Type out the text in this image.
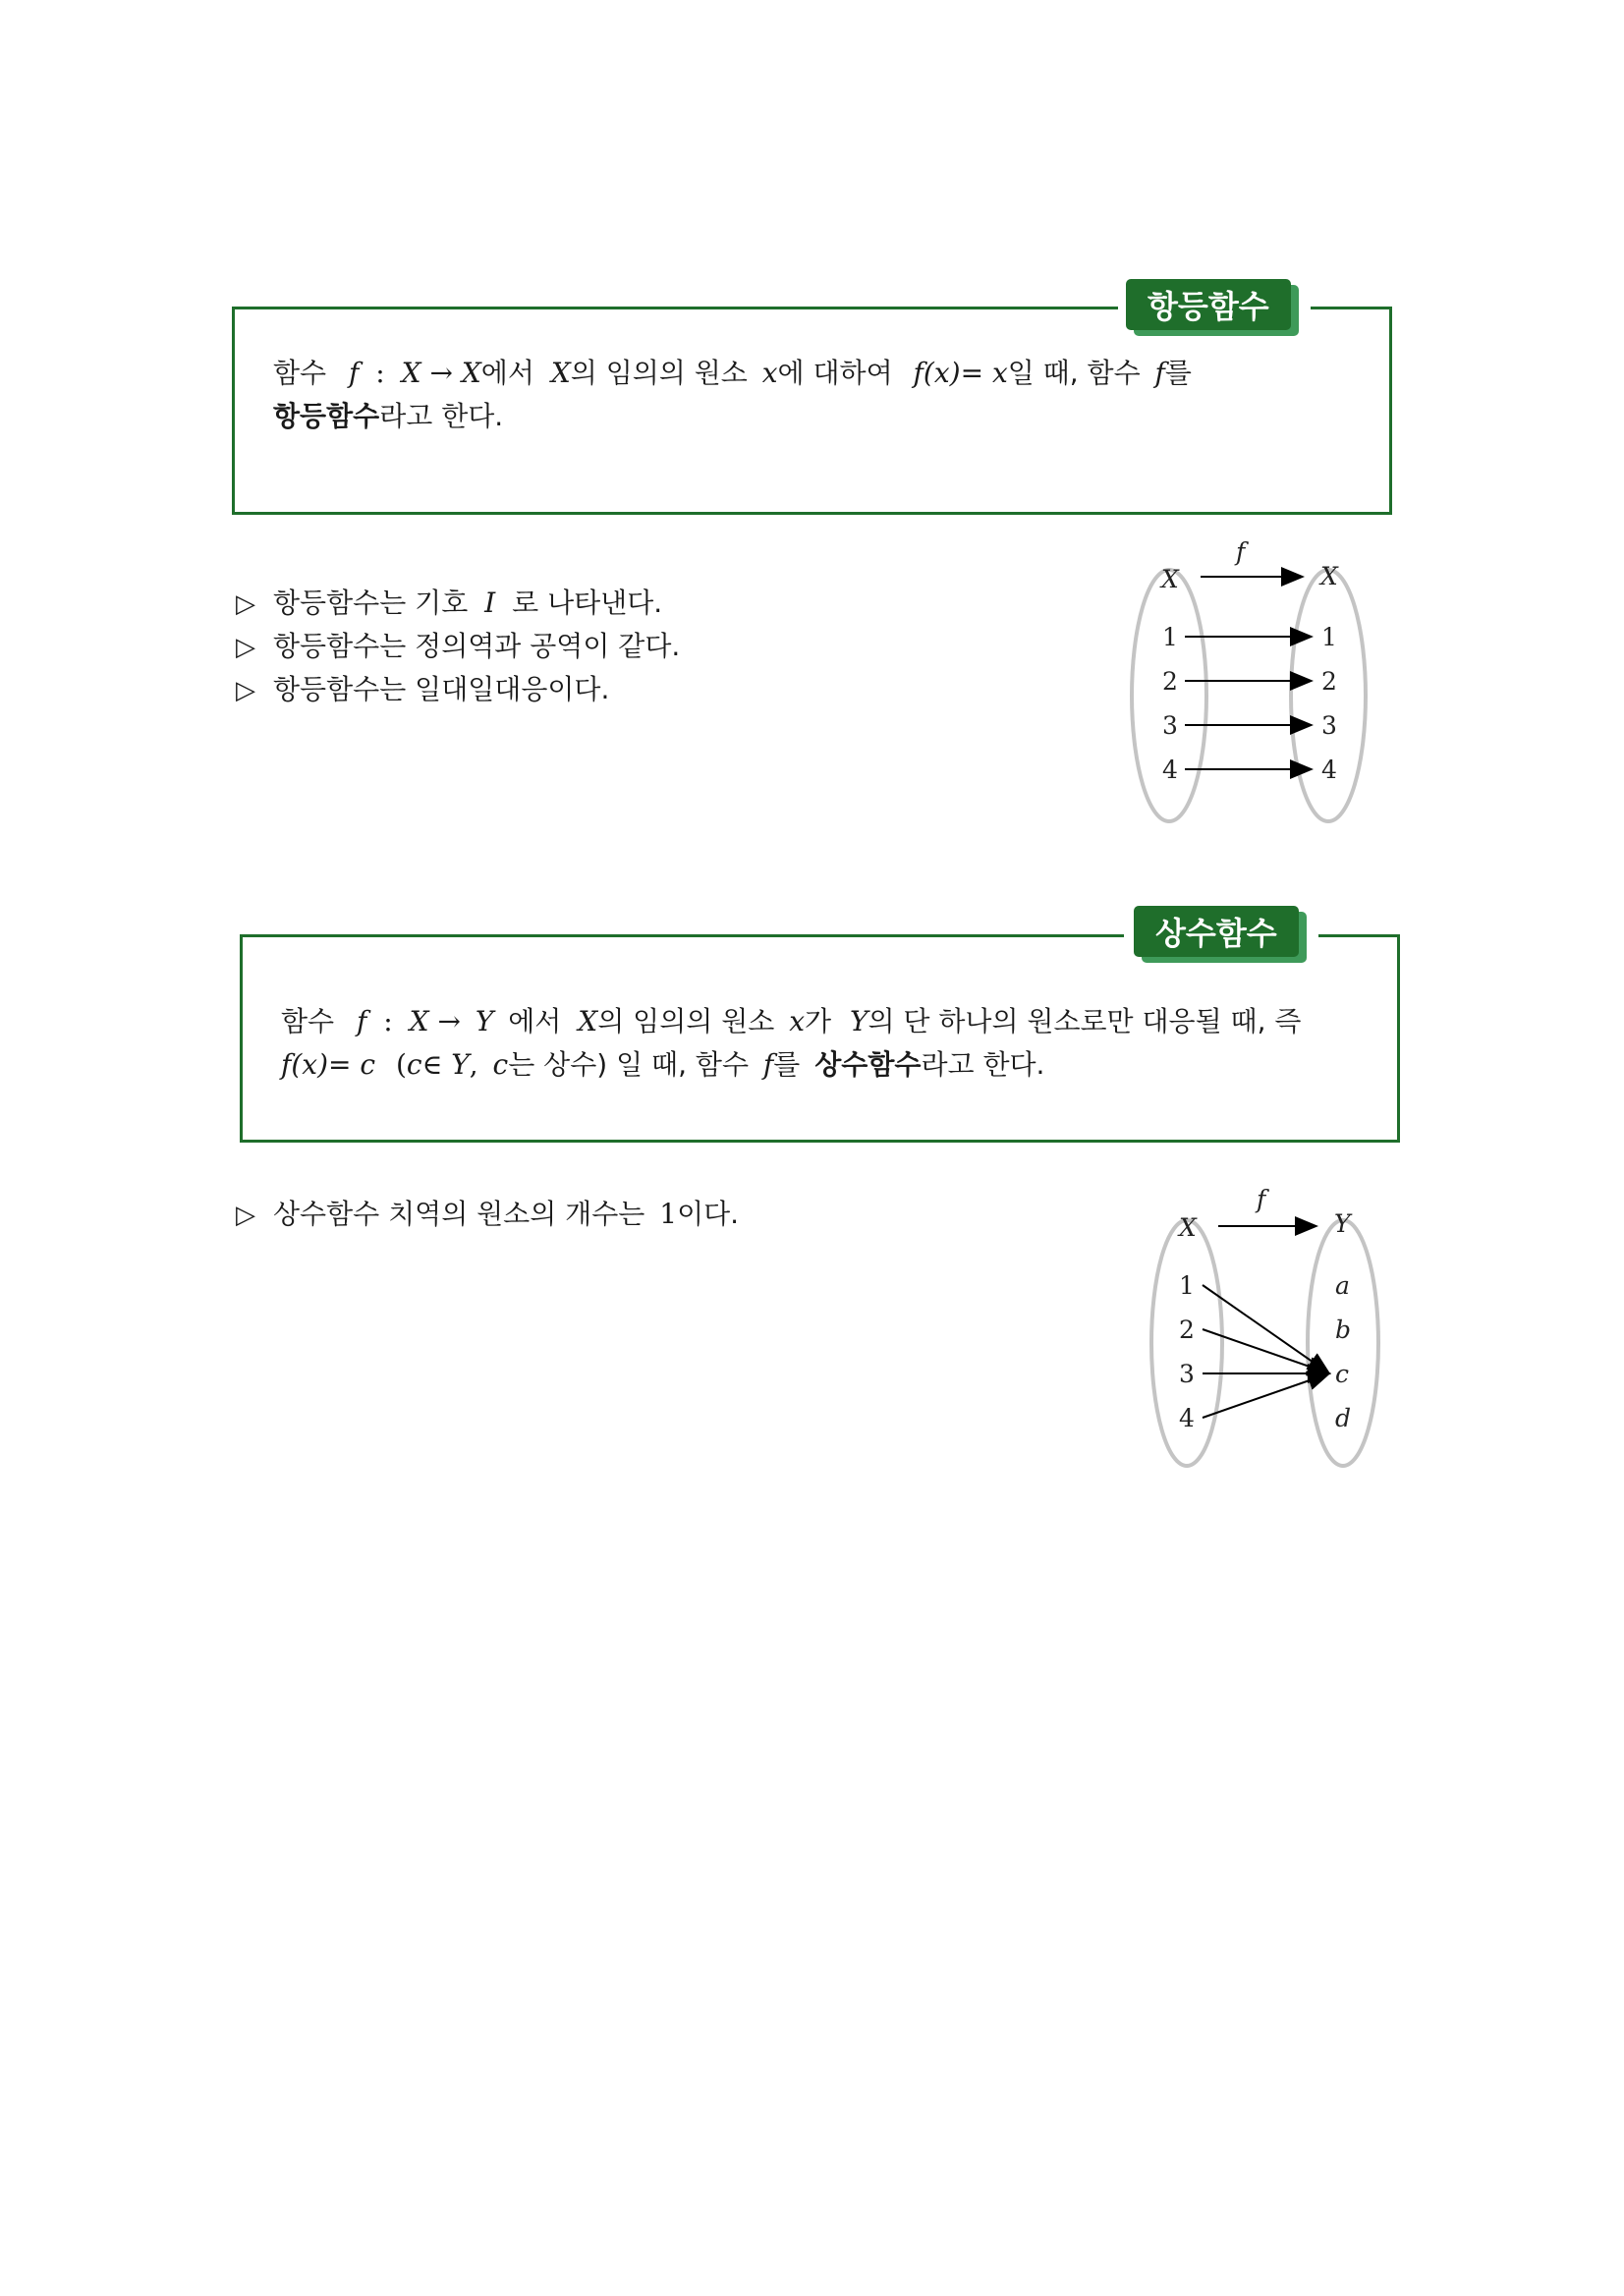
항등함수
함수 f : X → X에서 X의 임의의 원소 x에 대하여 f(x)= x일 때, 함수 f를
항등함수라고 한다.
▷ 항등함수는 기호 I 로 나타낸다.
▷ 항등함수는 정의역과 공역이 같다.
▷ 항등함수는 일대일대응이다.
X	X
f
1
2
3
4
1
2
3
4
상수함수
함수 f : X → Y 에서 X의 임의의 원소 x가 Y의 단 하나의 원소로만 대응될 때, 즉
f(x)= c (c∈ Y, c는 상수) 일 때, 함수 f를 상수함수라고 한다.
▷ 상수함수 치역의 원소의 개수는 1이다.	X	Y
f
1
2
3
4
a
b
c
d
